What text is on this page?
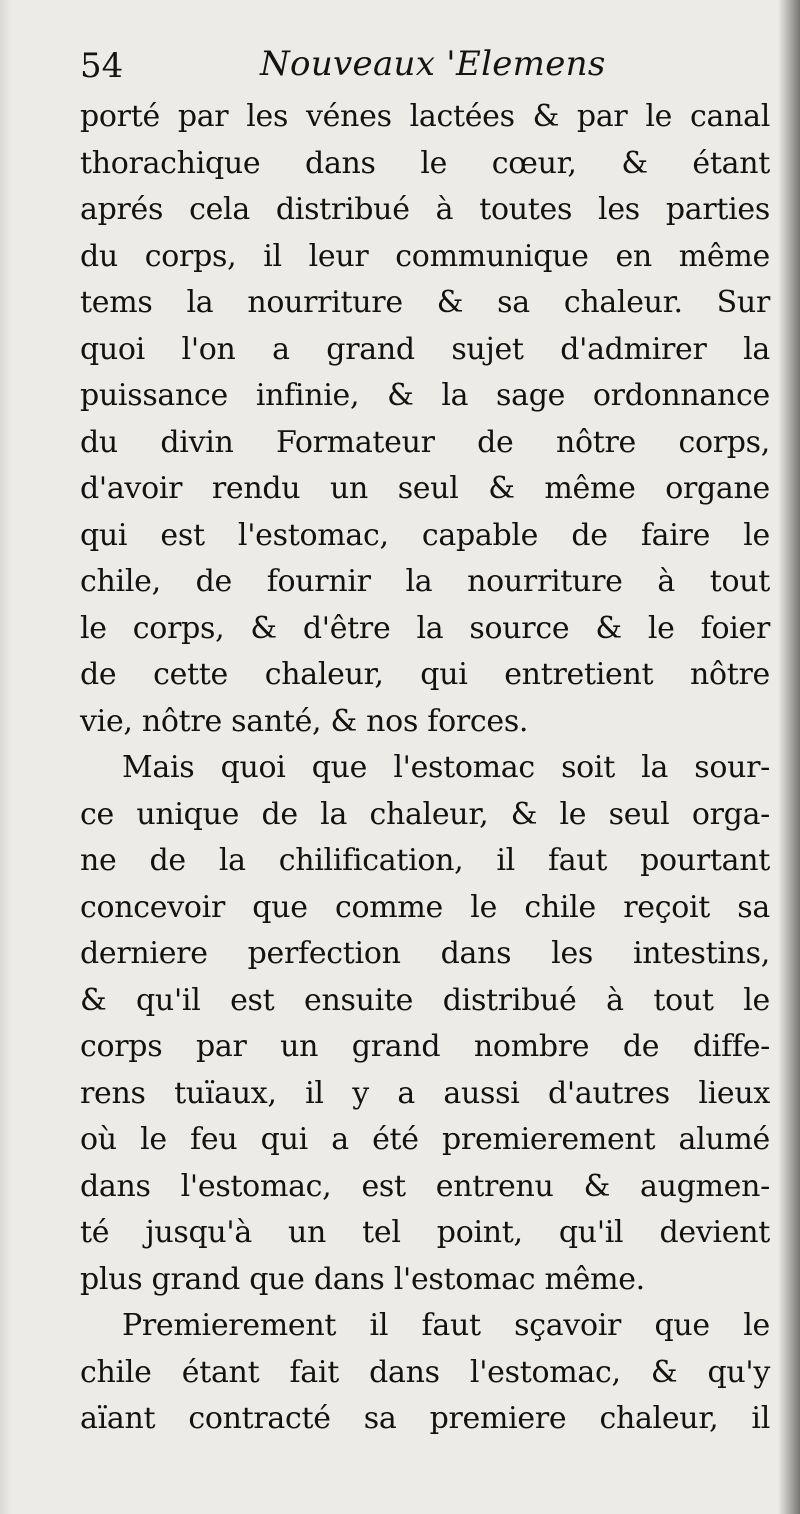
54	Nouveaux 'Elemens
porté par les vénes lactées & par le canal
thorachique dans le cœur, & étant
aprés cela distribué à toutes les parties
du corps, il leur communique en même
tems la nourriture & sa chaleur. Sur
quoi l'on a grand sujet d'admirer la
puissance infinie, & la sage ordonnance
du divin Formateur de nôtre corps,
d'avoir rendu un seul & même organe
qui est l'estomac, capable de faire le
chile, de fournir la nourriture à tout
le corps, & d'être la source & le foier
de cette chaleur, qui entretient nôtre
vie, nôtre santé, & nos forces.
Mais quoi que l'estomac soit la sour-
ce unique de la chaleur, & le seul orga-
ne de la chilification, il faut pourtant
concevoir que comme le chile reçoit sa
derniere perfection dans les intestins,
& qu'il est ensuite distribué à tout le
corps par un grand nombre de diffe-
rens tuïaux, il y a aussi d'autres lieux
où le feu qui a été premierement alumé
dans l'estomac, est entrenu & augmen-
té jusqu'à un tel point, qu'il devient
plus grand que dans l'estomac même.
Premierement il faut sçavoir que le
chile étant fait dans l'estomac, & qu'y
aïant contracté sa premiere chaleur, il
